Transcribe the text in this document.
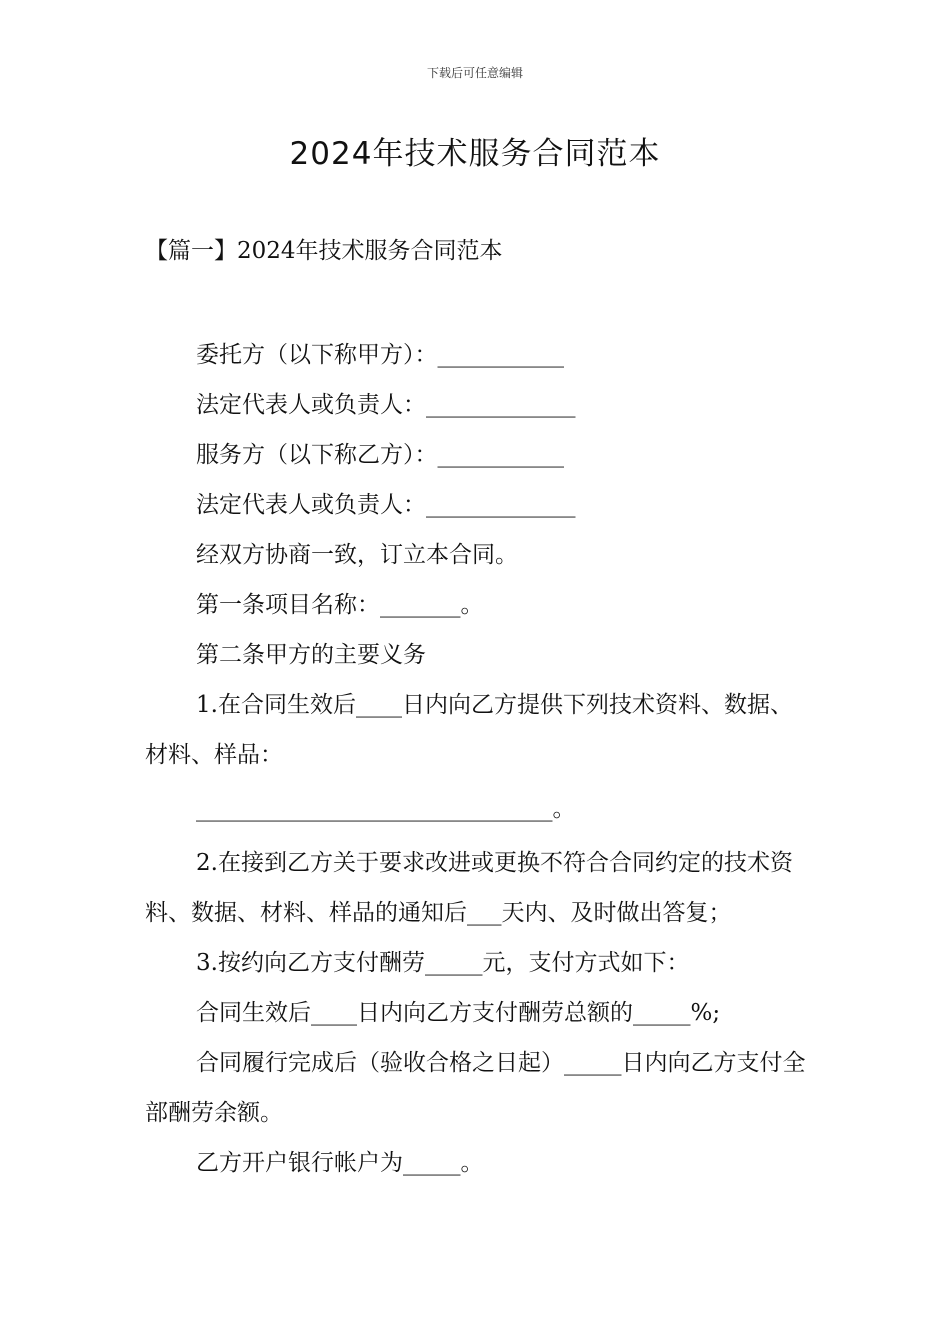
下载后可任意编辑
2024年技术服务合同范本
【篇一】2024年技术服务合同范本

委托方（以下称甲方）：___________

法定代表人或负责人：_____________

服务方（以下称乙方）：___________

法定代表人或负责人：_____________

经双方协商一致，订立本合同。

第一条项目名称：_______。

第二条甲方的主要义务

1.在合同生效后____日内向乙方提供下列技术资料、数据、材料、样品：

_______________________________。

2.在接到乙方关于要求改进或更换不符合合同约定的技术资料、数据、材料、样品的通知后___天内、及时做出答复；

3.按约向乙方支付酬劳_____元，支付方式如下：

合同生效后____日内向乙方支付酬劳总额的_____%;

合同履行完成后（验收合格之日起）_____日内向乙方支付全部酬劳余额。

乙方开户银行帐户为_____。
